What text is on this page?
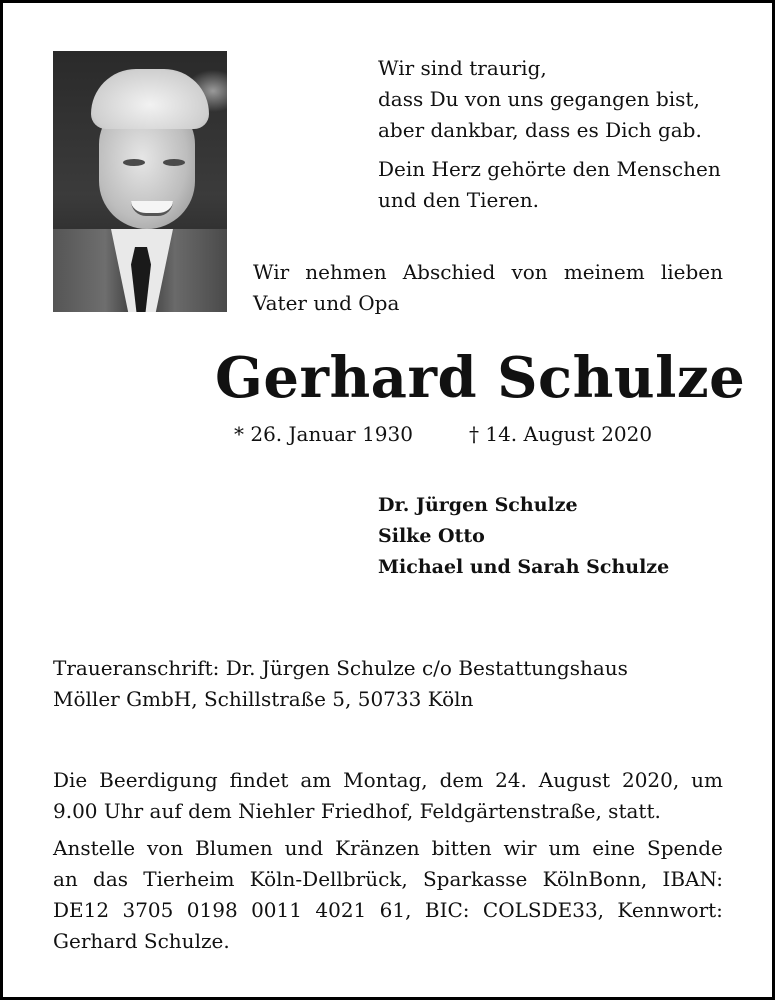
Wir sind traurig,

dass Du von uns gegangen bist,

aber dankbar, dass es Dich gab.

Dein Herz gehörte den Menschen

und den Tieren.

Wir nehmen Abschied von meinem lieben
Vater und Opa
Gerhard Schulze
* 26. Januar 1930	† 14. August 2020

Dr. Jürgen Schulze

Silke Otto

Michael und Sarah Schulze

Traueranschrift: Dr. Jürgen Schulze c/o Bestattungshaus

Möller GmbH, Schillstraße 5, 50733 Köln

Die Beerdigung findet am Montag, dem 24. August 2020, um
9.00 Uhr auf dem Niehler Friedhof, Feldgärtenstraße, statt.

Anstelle von Blumen und Kränzen bitten wir um eine Spende
an das Tierheim Köln-Dellbrück, Sparkasse KölnBonn, IBAN:
DE12 3705 0198 0011 4021 61, BIC: COLSDE33, Kennwort:
Gerhard Schulze.
